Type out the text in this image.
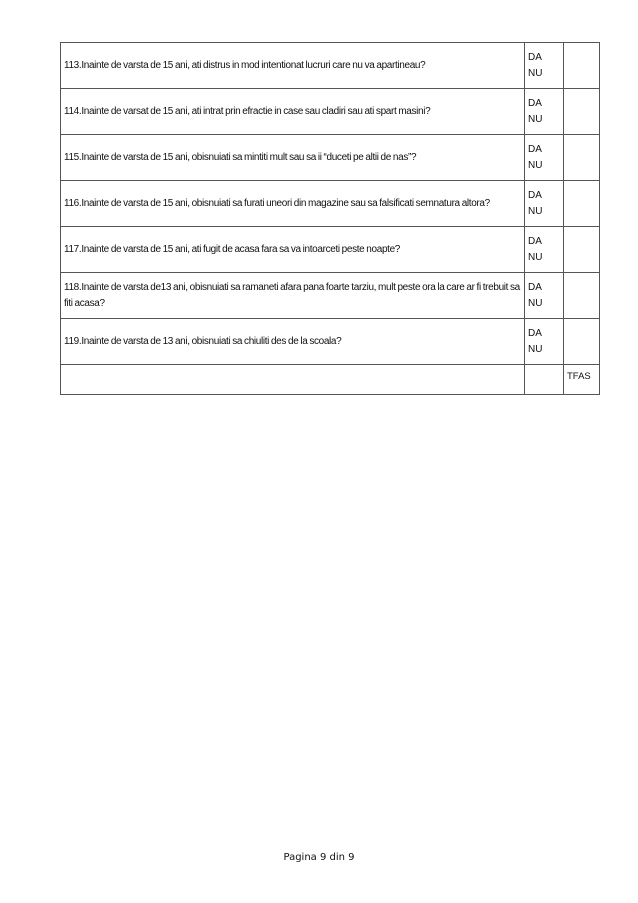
113.Inainte de varsta de 15 ani, ati distrus in mod intentionat lucruri care nu va apartineau?	DA
NU	

114.Inainte de varsat de 15 ani, ati intrat prin efractie in case sau cladiri sau ati spart masini?	DA
NU	

115.Inainte de varsta de 15 ani, obisnuiati sa mintiti mult sau sa ii “duceti pe altii de nas”?	DA
NU	

116.Inainte de varsta de 15 ani, obisnuiati sa furati uneori din magazine sau sa falsificati semnatura altora?	DA
NU	

117.Inainte de varsta de 15 ani, ati fugit de acasa fara sa va intoarceti peste noapte?	DA
NU	

118.Inainte de varsta de13 ani, obisnuiati sa ramaneti afara pana foarte tarziu, mult peste ora la care ar fi trebuit sa fiti acasa?	DA
NU	

119.Inainte de varsta de 13 ani, obisnuiati sa chiuliti des de la scoala?	DA
NU	

		TFAS
Pagina 9 din 9
